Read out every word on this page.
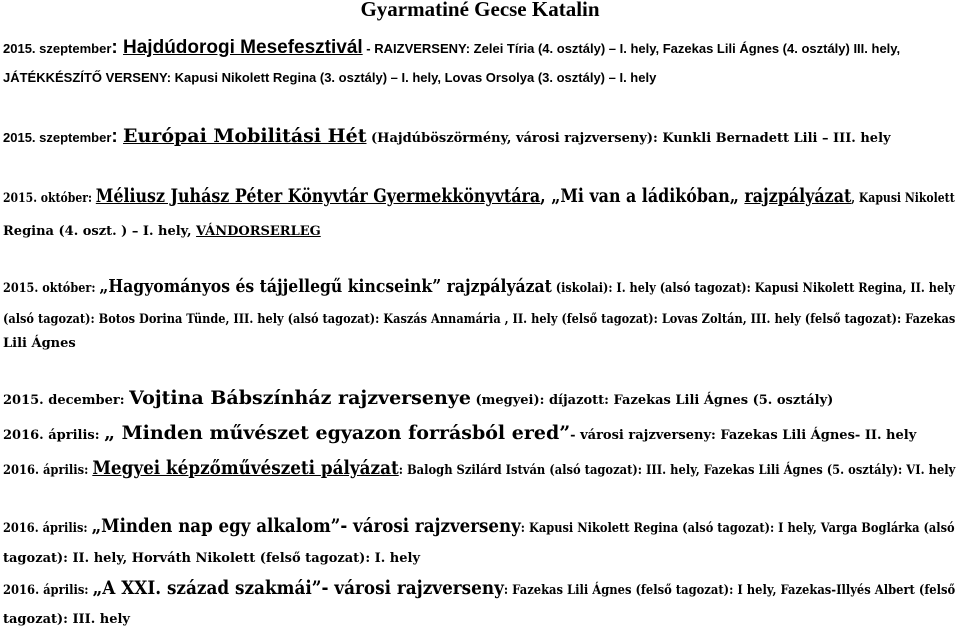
Gyarmatiné Gecse Katalin
2015. szeptember: Hajdúdorogi Mesefesztivál - RAIZVERSENY: Zelei Tíria (4. osztály) – I. hely, Fazekas Lili Ágnes (4. osztály) III. hely,
JÁTÉKKÉSZÍTŐ VERSENY: Kapusi Nikolett Regina (3. osztály) – I. hely, Lovas Orsolya (3. osztály) – I. hely
2015. szeptember: Európai Mobilitási Hét (Hajdúböszörmény, városi rajzverseny): Kunkli Bernadett Lili – III. hely
2015. október: Méliusz Juhász Péter Könyvtár Gyermekkönyvtára, „Mi van a ládikóban„ rajzpályázat, Kapusi Nikolett
Regina (4. oszt. ) – I. hely, VÁNDORSERLEG
2015. október: „Hagyományos és tájjellegű kincseink” rajzpályázat (iskolai): I. hely (alsó tagozat): Kapusi Nikolett Regina, II. hely
(alsó tagozat): Botos Dorina Tünde, III. hely (alsó tagozat): Kaszás Annamária , II. hely (felső tagozat): Lovas Zoltán, III. hely (felső tagozat): Fazekas
Lili Ágnes
2015. december: Vojtina Bábszínház rajzversenye (megyei): díjazott: Fazekas Lili Ágnes (5. osztály)
2016. április: „ Minden művészet egyazon forrásból ered”- városi rajzverseny: Fazekas Lili Ágnes- II. hely
2016. április: Megyei képzőművészeti pályázat: Balogh Szilárd István (alsó tagozat): III. hely, Fazekas Lili Ágnes (5. osztály): VI. hely
2016. április: „Minden nap egy alkalom”- városi rajzverseny: Kapusi Nikolett Regina (alsó tagozat): I hely, Varga Boglárka (alsó
tagozat): II. hely, Horváth Nikolett (felső tagozat): I. hely
2016. április: „A XXI. század szakmái”- városi rajzverseny: Fazekas Lili Ágnes (felső tagozat): I hely, Fazekas-Illyés Albert (felső
tagozat): III. hely
